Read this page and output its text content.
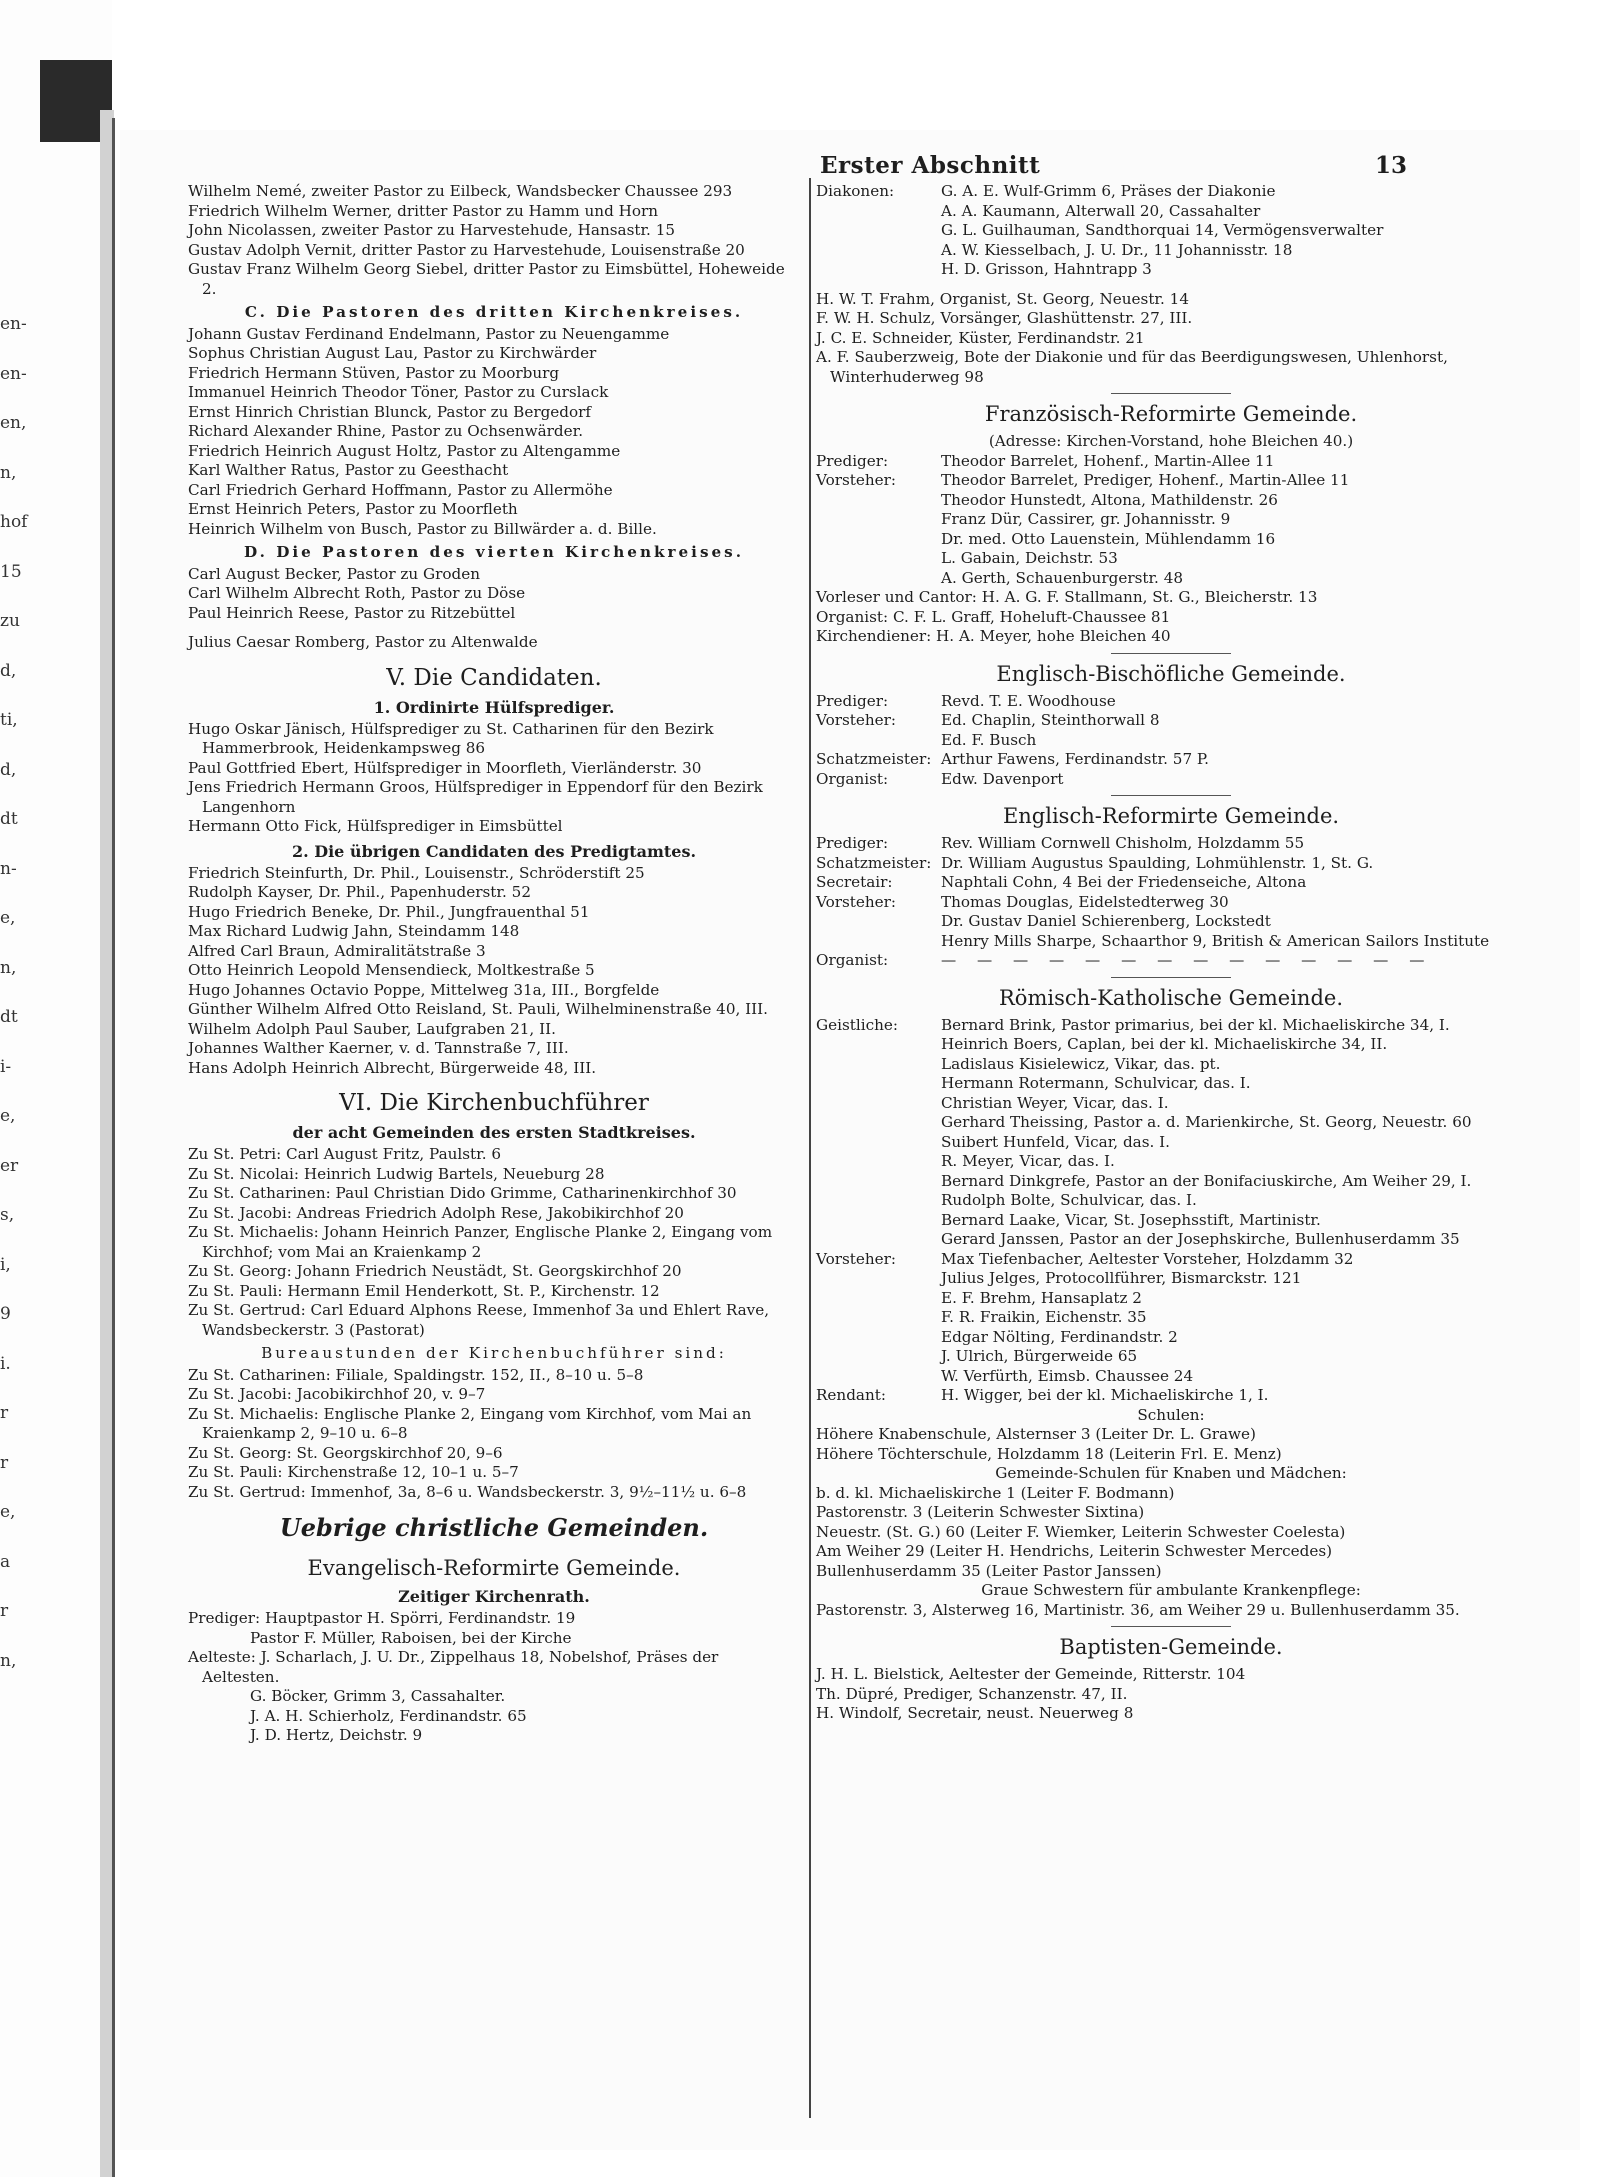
en-
en-
en,
n,
hof
15
zu
d,
ti,
d,
dt
n-
e,
n,
dt
i-
e,
er
s,
i,
9
i.
r
r
e,
a
r
n,
Erster Abschnitt	13
Wilhelm Nemé, zweiter Pastor zu Eilbeck, Wandsbecker Chaussee 293
Friedrich Wilhelm Werner, dritter Pastor zu Hamm und Horn
John Nicolassen, zweiter Pastor zu Harvestehude, Hansastr. 15
Gustav Adolph Vernit, dritter Pastor zu Harvestehude, Louisenstraße 20
Gustav Franz Wilhelm Georg Siebel, dritter Pastor zu Eimsbüttel, Hoheweide 2.
C. Die Pastoren des dritten Kirchenkreises.
Johann Gustav Ferdinand Endelmann, Pastor zu Neuengamme
Sophus Christian August Lau, Pastor zu Kirchwärder
Friedrich Hermann Stüven, Pastor zu Moorburg
Immanuel Heinrich Theodor Töner, Pastor zu Curslack
Ernst Hinrich Christian Blunck, Pastor zu Bergedorf
Richard Alexander Rhine, Pastor zu Ochsenwärder.
Friedrich Heinrich August Holtz, Pastor zu Altengamme
Karl Walther Ratus, Pastor zu Geesthacht
Carl Friedrich Gerhard Hoffmann, Pastor zu Allermöhe
Ernst Heinrich Peters, Pastor zu Moorfleth
Heinrich Wilhelm von Busch, Pastor zu Billwärder a. d. Bille.
D. Die Pastoren des vierten Kirchenkreises.
Carl August Becker, Pastor zu Groden
Carl Wilhelm Albrecht Roth, Pastor zu Döse
Paul Heinrich Reese, Pastor zu Ritzebüttel
Julius Caesar Romberg, Pastor zu Altenwalde
V. Die Candidaten.
1. Ordinirte Hülfsprediger.
Hugo Oskar Jänisch, Hülfsprediger zu St. Catharinen für den Bezirk Hammerbrook, Heidenkampsweg 86
Paul Gottfried Ebert, Hülfsprediger in Moorfleth, Vierländerstr. 30
Jens Friedrich Hermann Groos, Hülfsprediger in Eppendorf für den Bezirk Langenhorn
Hermann Otto Fick, Hülfsprediger in Eimsbüttel
2. Die übrigen Candidaten des Predigtamtes.
Friedrich Steinfurth, Dr. Phil., Louisenstr., Schröderstift 25
Rudolph Kayser, Dr. Phil., Papenhuderstr. 52
Hugo Friedrich Beneke, Dr. Phil., Jungfrauenthal 51
Max Richard Ludwig Jahn, Steindamm 148
Alfred Carl Braun, Admiralitätstraße 3
Otto Heinrich Leopold Mensendieck, Moltkestraße 5
Hugo Johannes Octavio Poppe, Mittelweg 31a, III., Borgfelde
Günther Wilhelm Alfred Otto Reisland, St. Pauli, Wilhelminenstraße 40, III.
Wilhelm Adolph Paul Sauber, Laufgraben 21, II.
Johannes Walther Kaerner, v. d. Tannstraße 7, III.
Hans Adolph Heinrich Albrecht, Bürgerweide 48, III.
VI. Die Kirchenbuchführer
der acht Gemeinden des ersten Stadtkreises.
Zu St. Petri: Carl August Fritz, Paulstr. 6
Zu St. Nicolai: Heinrich Ludwig Bartels, Neueburg 28
Zu St. Catharinen: Paul Christian Dido Grimme, Catharinenkirchhof 30
Zu St. Jacobi: Andreas Friedrich Adolph Rese, Jakobikirchhof 20
Zu St. Michaelis: Johann Heinrich Panzer, Englische Planke 2, Eingang vom Kirchhof; vom Mai an Kraienkamp 2
Zu St. Georg: Johann Friedrich Neustädt, St. Georgskirchhof 20
Zu St. Pauli: Hermann Emil Henderkott, St. P., Kirchenstr. 12
Zu St. Gertrud: Carl Eduard Alphons Reese, Immenhof 3a und Ehlert Rave, Wandsbeckerstr. 3 (Pastorat)
Bureaustunden der Kirchenbuchführer sind:
Zu St. Catharinen: Filiale, Spaldingstr. 152, II., 8–10 u. 5–8
Zu St. Jacobi: Jacobikirchhof 20, v. 9–7
Zu St. Michaelis: Englische Planke 2, Eingang vom Kirchhof, vom Mai an Kraienkamp 2, 9–10 u. 6–8
Zu St. Georg: St. Georgskirchhof 20, 9–6
Zu St. Pauli: Kirchenstraße 12, 10–1 u. 5–7
Zu St. Gertrud: Immenhof, 3a, 8–6 u. Wandsbeckerstr. 3, 9½–11½ u. 6–8
Uebrige christliche Gemeinden.
Evangelisch-Reformirte Gemeinde.
Zeitiger Kirchenrath.
Prediger: Hauptpastor H. Spörri, Ferdinandstr. 19
Pastor F. Müller, Raboisen, bei der Kirche
Aelteste: J. Scharlach, J. U. Dr., Zippelhaus 18, Nobelshof, Präses der Aeltesten.
G. Böcker, Grimm 3, Cassahalter.
J. A. H. Schierholz, Ferdinandstr. 65
J. D. Hertz, Deichstr. 9
Diakonen:	G. A. E. Wulf-Grimm 6, Präses der Diakonie
A. A. Kaumann, Alterwall 20, Cassahalter
G. L. Guilhauman, Sandthorquai 14, Vermögensverwalter
A. W. Kiesselbach, J. U. Dr., 11 Johannisstr. 18
H. D. Grisson, Hahntrapp 3
H. W. T. Frahm, Organist, St. Georg, Neuestr. 14
F. W. H. Schulz, Vorsänger, Glashüttenstr. 27, III.
J. C. E. Schneider, Küster, Ferdinandstr. 21
A. F. Sauberzweig, Bote der Diakonie und für das Beerdigungswesen, Uhlenhorst, Winterhuderweg 98
Französisch-Reformirte Gemeinde.
(Adresse: Kirchen-Vorstand, hohe Bleichen 40.)
Prediger:	Theodor Barrelet, Hohenf., Martin-Allee 11
Vorsteher:	Theodor Barrelet, Prediger, Hohenf., Martin-Allee 11
Theodor Hunstedt, Altona, Mathildenstr. 26
Franz Dür, Cassirer, gr. Johannisstr. 9
Dr. med. Otto Lauenstein, Mühlendamm 16
L. Gabain, Deichstr. 53
A. Gerth, Schauenburgerstr. 48
Vorleser und Cantor: H. A. G. F. Stallmann, St. G., Bleicherstr. 13
Organist: C. F. L. Graff, Hoheluft-Chaussee 81
Kirchendiener: H. A. Meyer, hohe Bleichen 40
Englisch-Bischöfliche Gemeinde.
Prediger:	Revd. T. E. Woodhouse
Vorsteher:	Ed. Chaplin, Steinthorwall 8
Ed. F. Busch
Schatzmeister: Arthur Fawens, Ferdinandstr. 57 P.
Organist:	Edw. Davenport
Englisch-Reformirte Gemeinde.
Prediger:	Rev. William Cornwell Chisholm, Holzdamm 55
Schatzmeister: Dr. William Augustus Spaulding, Lohmühlenstr. 1, St. G.
Secretair:	Naphtali Cohn, 4 Bei der Friedenseiche, Altona
Vorsteher:	Thomas Douglas, Eidelstedterweg 30
Dr. Gustav Daniel Schierenberg, Lockstedt
Henry Mills Sharpe, Schaarthor 9, British & American Sailors Institute
Organist:	— — — — — — — — — — — — — —
Römisch-Katholische Gemeinde.
Geistliche:	Bernard Brink, Pastor primarius, bei der kl. Michaeliskirche 34, I.
Heinrich Boers, Caplan, bei der kl. Michaeliskirche 34, II.
Ladislaus Kisielewicz, Vikar, das. pt.
Hermann Rotermann, Schulvicar, das. I.
Christian Weyer, Vicar, das. I.
Gerhard Theissing, Pastor a. d. Marienkirche, St. Georg, Neuestr. 60
Suibert Hunfeld, Vicar, das. I.
R. Meyer, Vicar, das. I.
Bernard Dinkgrefe, Pastor an der Bonifaciuskirche, Am Weiher 29, I.
Rudolph Bolte, Schulvicar, das. I.
Bernard Laake, Vicar, St. Josephsstift, Martinistr.
Gerard Janssen, Pastor an der Josephskirche, Bullenhuserdamm 35
Vorsteher:	Max Tiefenbacher, Aeltester Vorsteher, Holzdamm 32
Julius Jelges, Protocollführer, Bismarckstr. 121
E. F. Brehm, Hansaplatz 2
F. R. Fraikin, Eichenstr. 35
Edgar Nölting, Ferdinandstr. 2
J. Ulrich, Bürgerweide 65
W. Verfürth, Eimsb. Chaussee 24
Rendant:	H. Wigger, bei der kl. Michaeliskirche 1, I.
Schulen:
Höhere Knabenschule, Alsternser 3 (Leiter Dr. L. Grawe)
Höhere Töchterschule, Holzdamm 18 (Leiterin Frl. E. Menz)
Gemeinde-Schulen für Knaben und Mädchen:
b. d. kl. Michaeliskirche 1 (Leiter F. Bodmann)
Pastorenstr. 3 (Leiterin Schwester Sixtina)
Neuestr. (St. G.) 60 (Leiter F. Wiemker, Leiterin Schwester Coelesta)
Am Weiher 29 (Leiter H. Hendrichs, Leiterin Schwester Mercedes)
Bullenhuserdamm 35 (Leiter Pastor Janssen)
Graue Schwestern für ambulante Krankenpflege:
Pastorenstr. 3, Alsterweg 16, Martinistr. 36, am Weiher 29 u. Bullenhuserdamm 35.
Baptisten-Gemeinde.
J. H. L. Bielstick, Aeltester der Gemeinde, Ritterstr. 104
Th. Düpré, Prediger, Schanzenstr. 47, II.
H. Windolf, Secretair, neust. Neuerweg 8
